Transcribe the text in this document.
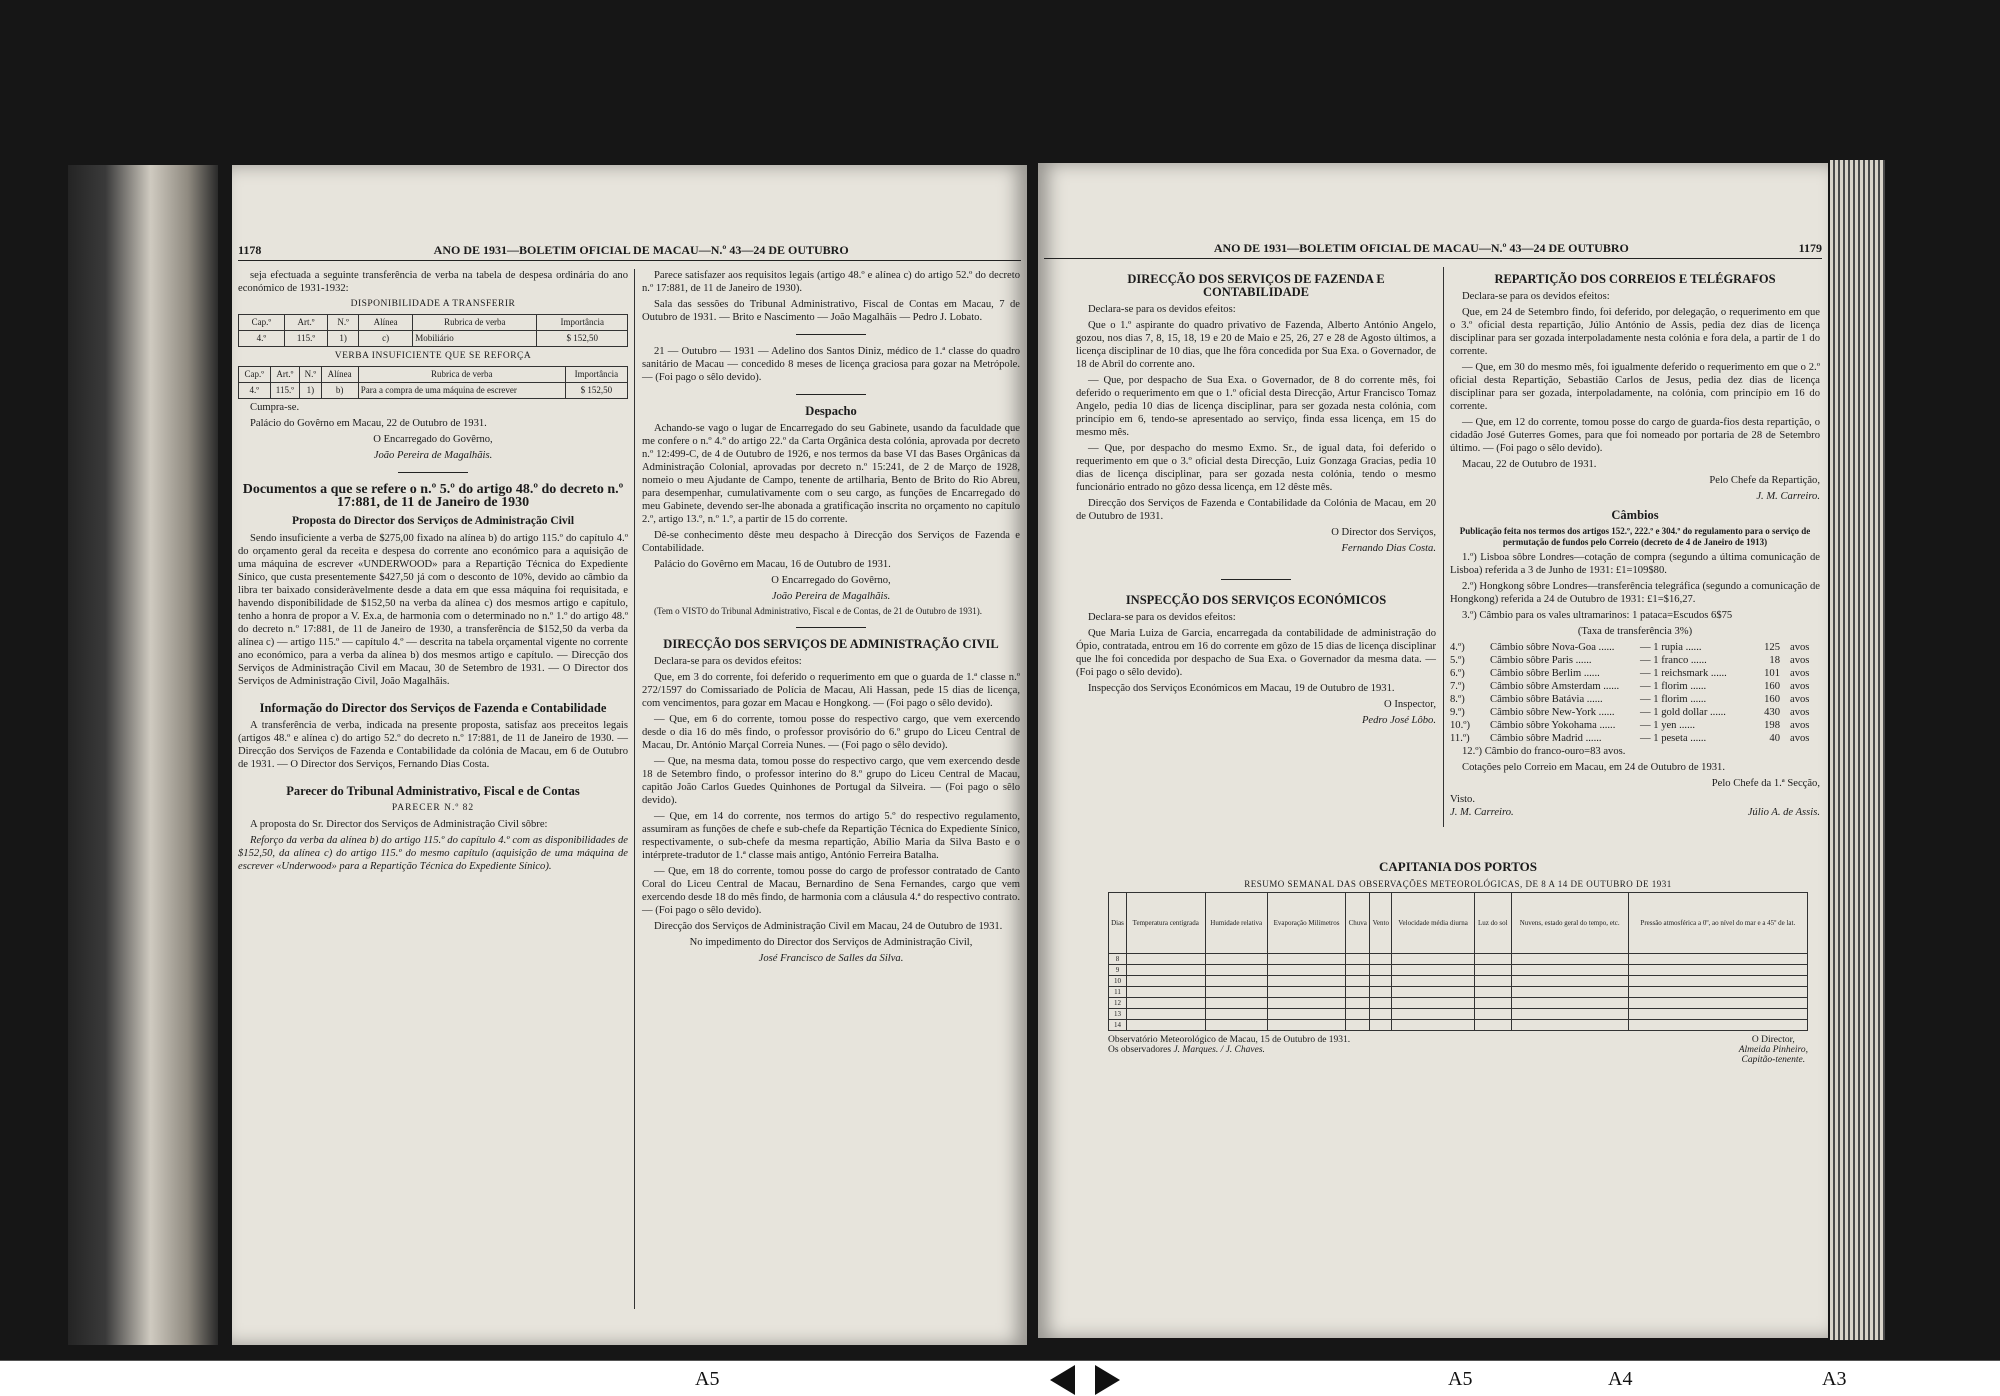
1178	ANO DE 1931—BOLETIM OFICIAL DE MACAU—N.º 43—24 DE OUTUBRO

seja efectuada a seguinte transferência de verba na tabela de despesa ordinária do ano económico de 1931-1932:

DISPONIBILIDADE A TRANSFERIR
Cap.º	Art.º	N.º	Alínea	Rubrica de verba	Importância
4.º	115.º	1)	c)	Mobiliário	$ 152,50
VERBA INSUFICIENTE QUE SE REFORÇA
Cap.º	Art.º	N.º	Alínea	Rubrica de verba	Importância
4.º	115.º	1)	b)	Para a compra de uma máquina de escrever	$ 152,50

Cumpra-se.

Palácio do Govêrno em Macau, 22 de Outubro de 1931.

O Encarregado do Govêrno,

João Pereira de Magalhãis.

Documentos a que se refere o n.º 5.º do artigo 48.º do decreto n.º 17:881, de 11 de Janeiro de 1930
Proposta do Director dos Serviços de Administração Civil

Sendo insuficiente a verba de $275,00 fixado na alínea b) do artigo 115.º do capítulo 4.º do orçamento geral da receita e despesa do corrente ano económico para a aquisição de uma máquina de escrever «UNDERWOOD» para a Repartição Técnica do Expediente Sínico, que custa presentemente $427,50 já com o desconto de 10%, devido ao câmbio da libra ter baixado consideràvelmente desde a data em que essa máquina foi requisitada, e havendo disponibilidade de $152,50 na verba da alínea c) dos mesmos artigo e capítulo, tenho a honra de propor a V. Ex.a, de harmonia com o determinado no n.º 1.º do artigo 48.º do decreto n.º 17:881, de 11 de Janeiro de 1930, a transferência de $152,50 da verba da alínea c) — artigo 115.º — capítulo 4.º — descrita na tabela orçamental vigente no corrente ano económico, para a verba da alínea b) dos mesmos artigo e capítulo. — Direcção dos Serviços de Administração Civil em Macau, 30 de Setembro de 1931. — O Director dos Serviços de Administração Civil, João Magalhãis.

Informação do Director dos Serviços de Fazenda e Contabilidade

A transferência de verba, indicada na presente proposta, satisfaz aos preceitos legais (artigos 48.º e alínea c) do artigo 52.º do decreto n.º 17:881, de 11 de Janeiro de 1930. — Direcção dos Serviços de Fazenda e Contabilidade da colónia de Macau, em 6 de Outubro de 1931. — O Director dos Serviços, Fernando Dias Costa.

Parecer do Tribunal Administrativo, Fiscal e de Contas

PARECER N.º 82

A proposta do Sr. Director dos Serviços de Administração Civil sôbre:

Reforço da verba da alínea b) do artigo 115.º do capítulo 4.º com as disponibilidades de $152,50, da alínea c) do artigo 115.º do mesmo capítulo (aquisição de uma máquina de escrever «Underwood» para a Repartição Técnica do Expediente Sínico).

Parece satisfazer aos requisitos legais (artigo 48.º e alínea c) do artigo 52.º do decreto n.º 17:881, de 11 de Janeiro de 1930).

Sala das sessões do Tribunal Administrativo, Fiscal de Contas em Macau, 7 de Outubro de 1931. — Brito e Nascimento — João Magalhãis — Pedro J. Lobato.

21 — Outubro — 1931 — Adelino dos Santos Diniz, médico de 1.ª classe do quadro sanitário de Macau — concedido 8 meses de licença graciosa para gozar na Metrópole. — (Foi pago o sêlo devido).

Despacho

Achando-se vago o lugar de Encarregado do seu Gabinete, usando da faculdade que me confere o n.º 4.º do artigo 22.º da Carta Orgânica desta colónia, aprovada por decreto n.º 12:499-C, de 4 de Outubro de 1926, e nos termos da base VI das Bases Orgânicas da Administração Colonial, aprovadas por decreto n.º 15:241, de 2 de Março de 1928, nomeio o meu Ajudante de Campo, tenente de artilharia, Bento de Brito do Rio Abreu, para desempenhar, cumulativamente com o seu cargo, as funções de Encarregado do meu Gabinete, devendo ser-lhe abonada a gratificação inscrita no orçamento no capítulo 2.º, artigo 13.º, n.º 1.º, a partir de 15 do corrente.

Dê-se conhecimento dêste meu despacho à Direcção dos Serviços de Fazenda e Contabilidade.

Palácio do Govêrno em Macau, 16 de Outubro de 1931.

O Encarregado do Govêrno,

João Pereira de Magalhãis.

(Tem o VISTO do Tribunal Administrativo, Fiscal e de Contas, de 21 de Outubro de 1931).

DIRECÇÃO DOS SERVIÇOS DE ADMINISTRAÇÃO CIVIL

Declara-se para os devidos efeitos:

Que, em 3 do corrente, foi deferido o requerimento em que o guarda de 1.ª classe n.º 272/1597 do Comissariado de Polícia de Macau, Ali Hassan, pede 15 dias de licença, com vencimentos, para gozar em Macau e Hongkong. — (Foi pago o sêlo devido).

— Que, em 6 do corrente, tomou posse do respectivo cargo, que vem exercendo desde o dia 16 do mês findo, o professor provisório do 6.º grupo do Liceu Central de Macau, Dr. António Marçal Correia Nunes. — (Foi pago o sêlo devido).

— Que, na mesma data, tomou posse do respectivo cargo, que vem exercendo desde 18 de Setembro findo, o professor interino do 8.º grupo do Liceu Central de Macau, capitão João Carlos Guedes Quinhones de Portugal da Silveira. — (Foi pago o sêlo devido).

— Que, em 14 do corrente, nos termos do artigo 5.º do respectivo regulamento, assumiram as funções de chefe e sub-chefe da Repartição Técnica do Expediente Sínico, respectivamente, o sub-chefe da mesma repartição, Abílio Maria da Silva Basto e o intérprete-tradutor de 1.ª classe mais antigo, António Ferreira Batalha.

— Que, em 18 do corrente, tomou posse do cargo de professor contratado de Canto Coral do Liceu Central de Macau, Bernardino de Sena Fernandes, cargo que vem exercendo desde 18 do mês findo, de harmonia com a cláusula 4.ª do respectivo contrato. — (Foi pago o sêlo devido).

Direcção dos Serviços de Administração Civil em Macau, 24 de Outubro de 1931.

No impedimento do Director dos Serviços de Administração Civil,

José Francisco de Salles da Silva.

ANO DE 1931—BOLETIM OFICIAL DE MACAU—N.º 43—24 DE OUTUBRO	1179
DIRECÇÃO DOS SERVIÇOS DE FAZENDA E CONTABILIDADE

Declara-se para os devidos efeitos:

Que o 1.º aspirante do quadro privativo de Fazenda, Alberto António Angelo, gozou, nos dias 7, 8, 15, 18, 19 e 20 de Maio e 25, 26, 27 e 28 de Agosto últimos, a licença disciplinar de 10 dias, que lhe fôra concedida por Sua Exa. o Governador, de 18 de Abril do corrente ano.

— Que, por despacho de Sua Exa. o Governador, de 8 do corrente mês, foi deferido o requerimento em que o 1.º oficial desta Direcção, Artur Francisco Tomaz Angelo, pedia 10 dias de licença disciplinar, para ser gozada nesta colónia, com princípio em 6, tendo-se apresentado ao serviço, finda essa licença, em 15 do mesmo mês.

— Que, por despacho do mesmo Exmo. Sr., de igual data, foi deferido o requerimento em que o 3.º oficial desta Direcção, Luiz Gonzaga Gracias, pedia 10 dias de licença disciplinar, para ser gozada nesta colónia, tendo o mesmo funcionário entrado no gôzo dessa licença, em 12 dêste mês.

Direcção dos Serviços de Fazenda e Contabilidade da Colónia de Macau, em 20 de Outubro de 1931.

O Director dos Serviços,

Fernando Dias Costa.

INSPECÇÃO DOS SERVIÇOS ECONÓMICOS

Declara-se para os devidos efeitos:

Que Maria Luiza de Garcia, encarregada da contabilidade de administração do Ópio, contratada, entrou em 16 do corrente em gôzo de 15 dias de licença disciplinar que lhe foi concedida por despacho de Sua Exa. o Governador da mesma data. — (Foi pago o sêlo devido).

Inspecção dos Serviços Económicos em Macau, 19 de Outubro de 1931.

O Inspector,

Pedro José Lôbo.

REPARTIÇÃO DOS CORREIOS E TELÉGRAFOS

Declara-se para os devidos efeitos:

Que, em 24 de Setembro findo, foi deferido, por delegação, o requerimento em que o 3.º oficial desta repartição, Júlio António de Assis, pedia dez dias de licença disciplinar para ser gozada interpoladamente nesta colónia e fora dela, a partir de 1 do corrente.

— Que, em 30 do mesmo mês, foi igualmente deferido o requerimento em que o 2.º oficial desta Repartição, Sebastião Carlos de Jesus, pedia dez dias de licença disciplinar para ser gozada, interpoladamente, na colónia, com princípio em 16 do corrente.

— Que, em 12 do corrente, tomou posse do cargo de guarda-fios desta repartição, o cidadão José Guterres Gomes, para que foi nomeado por portaria de 28 de Setembro último. — (Foi pago o sêlo devido).

Macau, 22 de Outubro de 1931.

Pelo Chefe da Repartição,

J. M. Carreiro.

Câmbios

Publicação feita nos termos dos artigos 152.º, 222.º e 304.º do regulamento para o serviço de permutação de fundos pelo Correio (decreto de 4 de Janeiro de 1913)

1.º) Lisboa sôbre Londres—cotação de compra (segundo a última comunicação de Lisboa) referida a 3 de Junho de 1931: £1=109$80.

2.º) Hongkong sôbre Londres—transferência telegráfica (segundo a comunicação de Hongkong) referida a 24 de Outubro de 1931: £1=$16,27.

3.º) Câmbio para os vales ultramarinos: 1 pataca=Escudos 6$75

(Taxa de transferência 3%)

4.º)	Câmbio sôbre Nova-Goa ......	— 1 rupia ......	125 avos
5.º)	Câmbio sôbre Paris ......	— 1 franco ......	18 avos
6.º)	Câmbio sôbre Berlim ......	— 1 reichsmark ......	101 avos
7.º)	Câmbio sôbre Amsterdam ......	— 1 florim ......	160 avos
8.º)	Câmbio sôbre Batávia ......	— 1 florim ......	160 avos
9.º)	Câmbio sôbre New-York ......	— 1 gold dollar ......	430 avos
10.º)	Câmbio sôbre Yokohama ......	— 1 yen ......	198 avos
11.º)	Câmbio sôbre Madrid ......	— 1 peseta ......	40 avos

12.º) Câmbio do franco-ouro=83 avos.

Cotações pelo Correio em Macau, em 24 de Outubro de 1931.

Pelo Chefe da 1.ª Secção,

Visto.
J. M. Carreiro.	Júlio A. de Assis.
CAPITANIA DOS PORTOS
RESUMO SEMANAL DAS OBSERVAÇÕES METEOROLÓGICAS, DE 8 A 14 DE OUTUBRO DE 1931
Dias	Temperatura centígrada	Humidade relativa	Evaporação Milímetros	Chuva	Vento	Velocidade média diurna	Luz do sol	Nuvens, estado geral do tempo, etc.	Pressão atmosférica a 0º, ao nível do mar e a 45º de lat.
8									
9									
10									
11									
12									
13									
14									
Observatório Meteorológico de Macau, 15 de Outubro de 1931.
Os observadores J. Marques. / J. Chaves.
O Director,
Almeida Pinheiro,
Capitão-tenente.
A5	A5	A4	A3
